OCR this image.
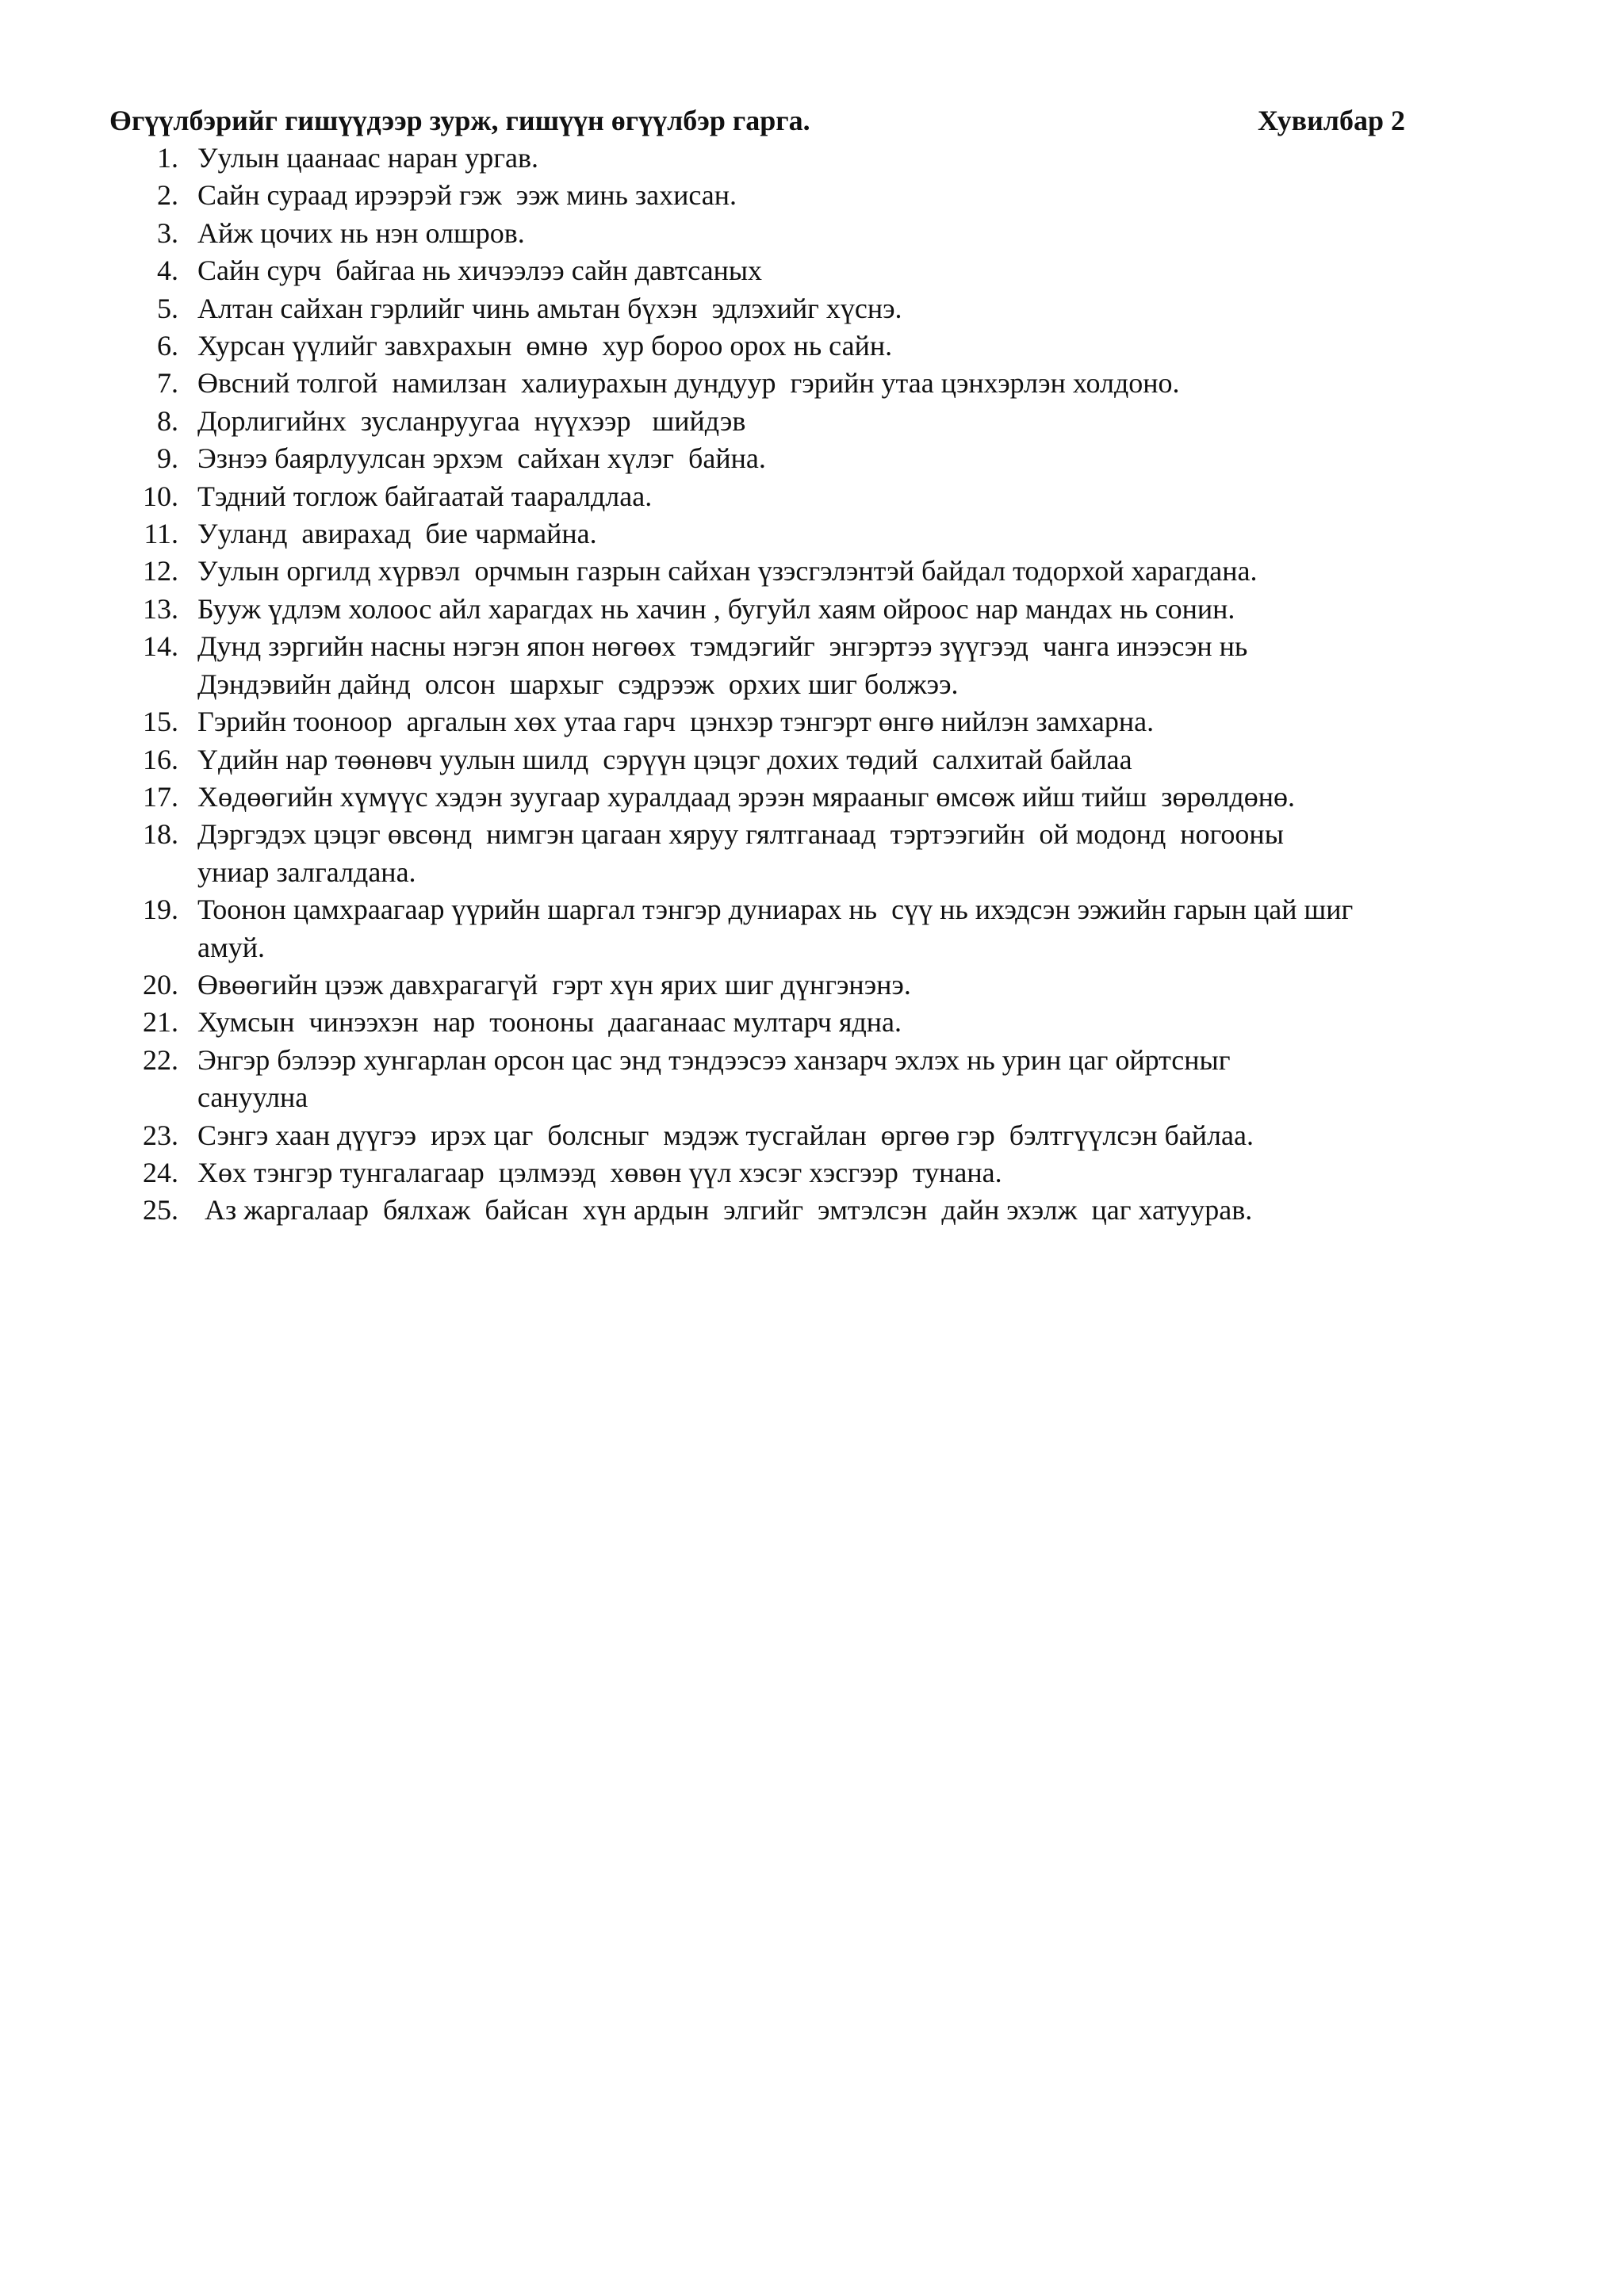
Өгүүлбэрийг гишүүдээр зурж, гишүүн өгүүлбэр гарга.	Хувилбар 2
1. Уулын цаанаас наран ургав.
2. Сайн сураад ирээрэй гэж  ээж минь захисан.
3. Айж цочих нь нэн олшров.
4. Сайн сурч  байгаа нь хичээлээ сайн давтсаных
5. Алтан сайхан гэрлийг чинь амьтан бүхэн  эдлэхийг хүснэ.
6. Хурсан үүлийг завхрахын  өмнө  хур бороо орох нь сайн.
7. Өвсний толгой  намилзан  халиурахын дундуур  гэрийн утаа цэнхэрлэн холдоно.
8. Дорлигийнх  зусланруугаа  нүүхээр   шийдэв
9. Эзнээ баярлуулсан эрхэм  сайхан хүлэг  байна.
10. Тэдний тоглож байгаатай тааралдлаа.
11. Ууланд  авирахад  бие чармайна.
12. Уулын оргилд хүрвэл  орчмын газрын сайхан үзэсгэлэнтэй байдал тодорхой харагдана.
13. Бууж үдлэм холоос айл харагдах нь хачин , бугуйл хаям ойроос нар мандах нь сонин.
14. Дунд зэргийн насны нэгэн япон нөгөөх  тэмдэгийг  энгэртээ зүүгээд  чанга инээсэн нь
Дэндэвийн дайнд  олсон  шархыг  сэдрээж  орхих шиг болжээ.
15. Гэрийн тооноор  аргалын хөх утаа гарч  цэнхэр тэнгэрт өнгө нийлэн замхарна.
16. Үдийн нар төөнөвч уулын шилд  сэрүүн цэцэг дохих төдий  салхитай байлаа
17. Хөдөөгийн хүмүүс хэдэн зуугаар хуралдаад эрээн мярааныг өмсөж ийш тийш  зөрөлдөнө.
18. Дэргэдэх цэцэг өвсөнд  нимгэн цагаан хяруу гялтганаад  тэртээгийн  ой модонд  ногооны
униар залгалдана.
19. Тоонон цамхраагаар үүрийн шаргал тэнгэр дуниарах нь  сүү нь ихэдсэн ээжийн гарын цай шиг
амуй.
20. Өвөөгийн цээж давхрагагүй  гэрт хүн ярих шиг дүнгэнэнэ.
21. Хумсын  чинээхэн  нар  тоононы  дааганаас мултарч ядна.
22. Энгэр бэлээр хунгарлан орсон цас энд тэндээсээ ханзарч эхлэх нь урин цаг ойртсныг
сануулна
23. Сэнгэ хаан дүүгээ  ирэх цаг  болсныг  мэдэж тусгайлан  өргөө гэр  бэлтгүүлсэн байлаа.
24. Хөх тэнгэр тунгалагаар  цэлмээд  хөвөн үүл хэсэг хэсгээр  тунана.
25. Аз жаргалаар  бялхаж  байсан  хүн ардын  элгийг  эмтэлсэн  дайн эхэлж  цаг хатуурав.
